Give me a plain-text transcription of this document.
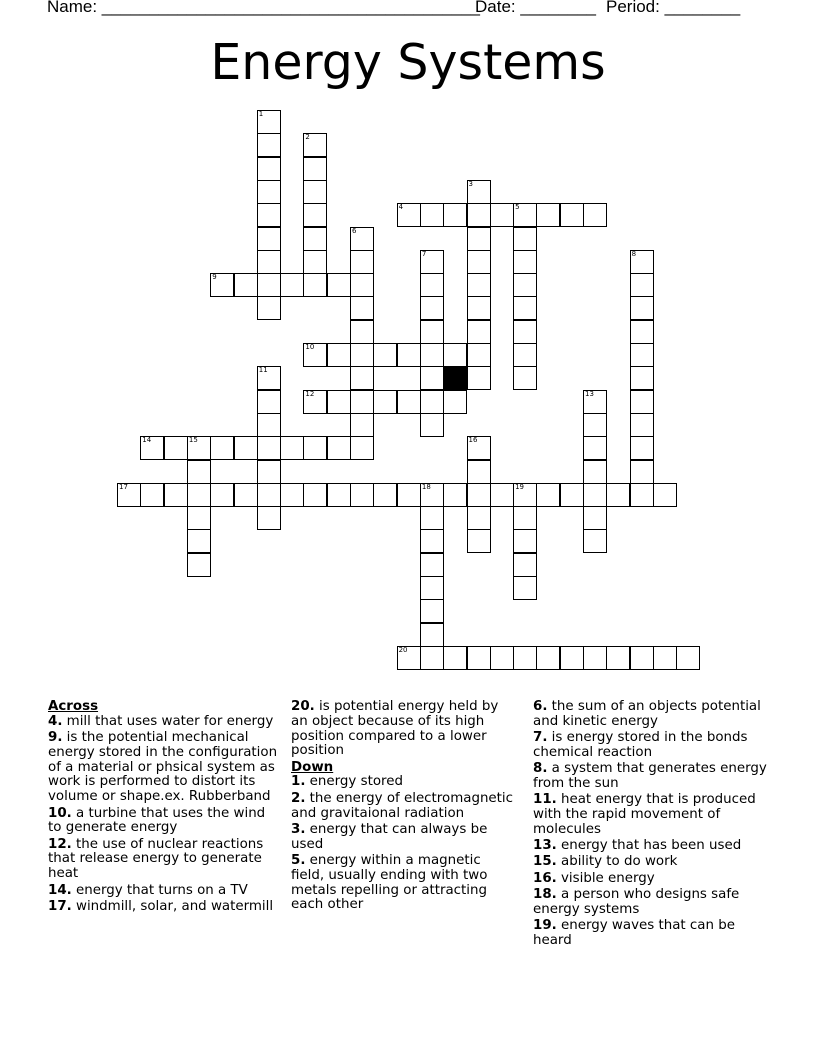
Name: ________________________________________
Date: ________ Period: ________
Energy Systems
1
2
3
4	5
6
7	8
9
10
11
12	13
14	15	16
17	18	19
20
Across
4. mill that uses water for energy
9. is the potential mechanical energy stored in the configuration of a material or phsical system as work is performed to distort its volume or shape.ex. Rubberband
10. a turbine that uses the wind to generate energy
12. the use of nuclear reactions that release energy to generate heat
14. energy that turns on a TV
17. windmill, solar, and watermill
20. is potential energy held by an object because of its high position compared to a lower position
Down
1. energy stored
2. the energy of electromagnetic and gravitaional radiation
3. energy that can always be used
5. energy within a magnetic field, usually ending with two metals repelling or attracting each other
6. the sum of an objects potential and kinetic energy
7. is energy stored in the bonds chemical reaction
8. a system that generates energy from the sun
11. heat energy that is produced with the rapid movement of molecules
13. energy that has been used
15. ability to do work
16. visible energy
18. a person who designs safe energy systems
19. energy waves that can be heard
